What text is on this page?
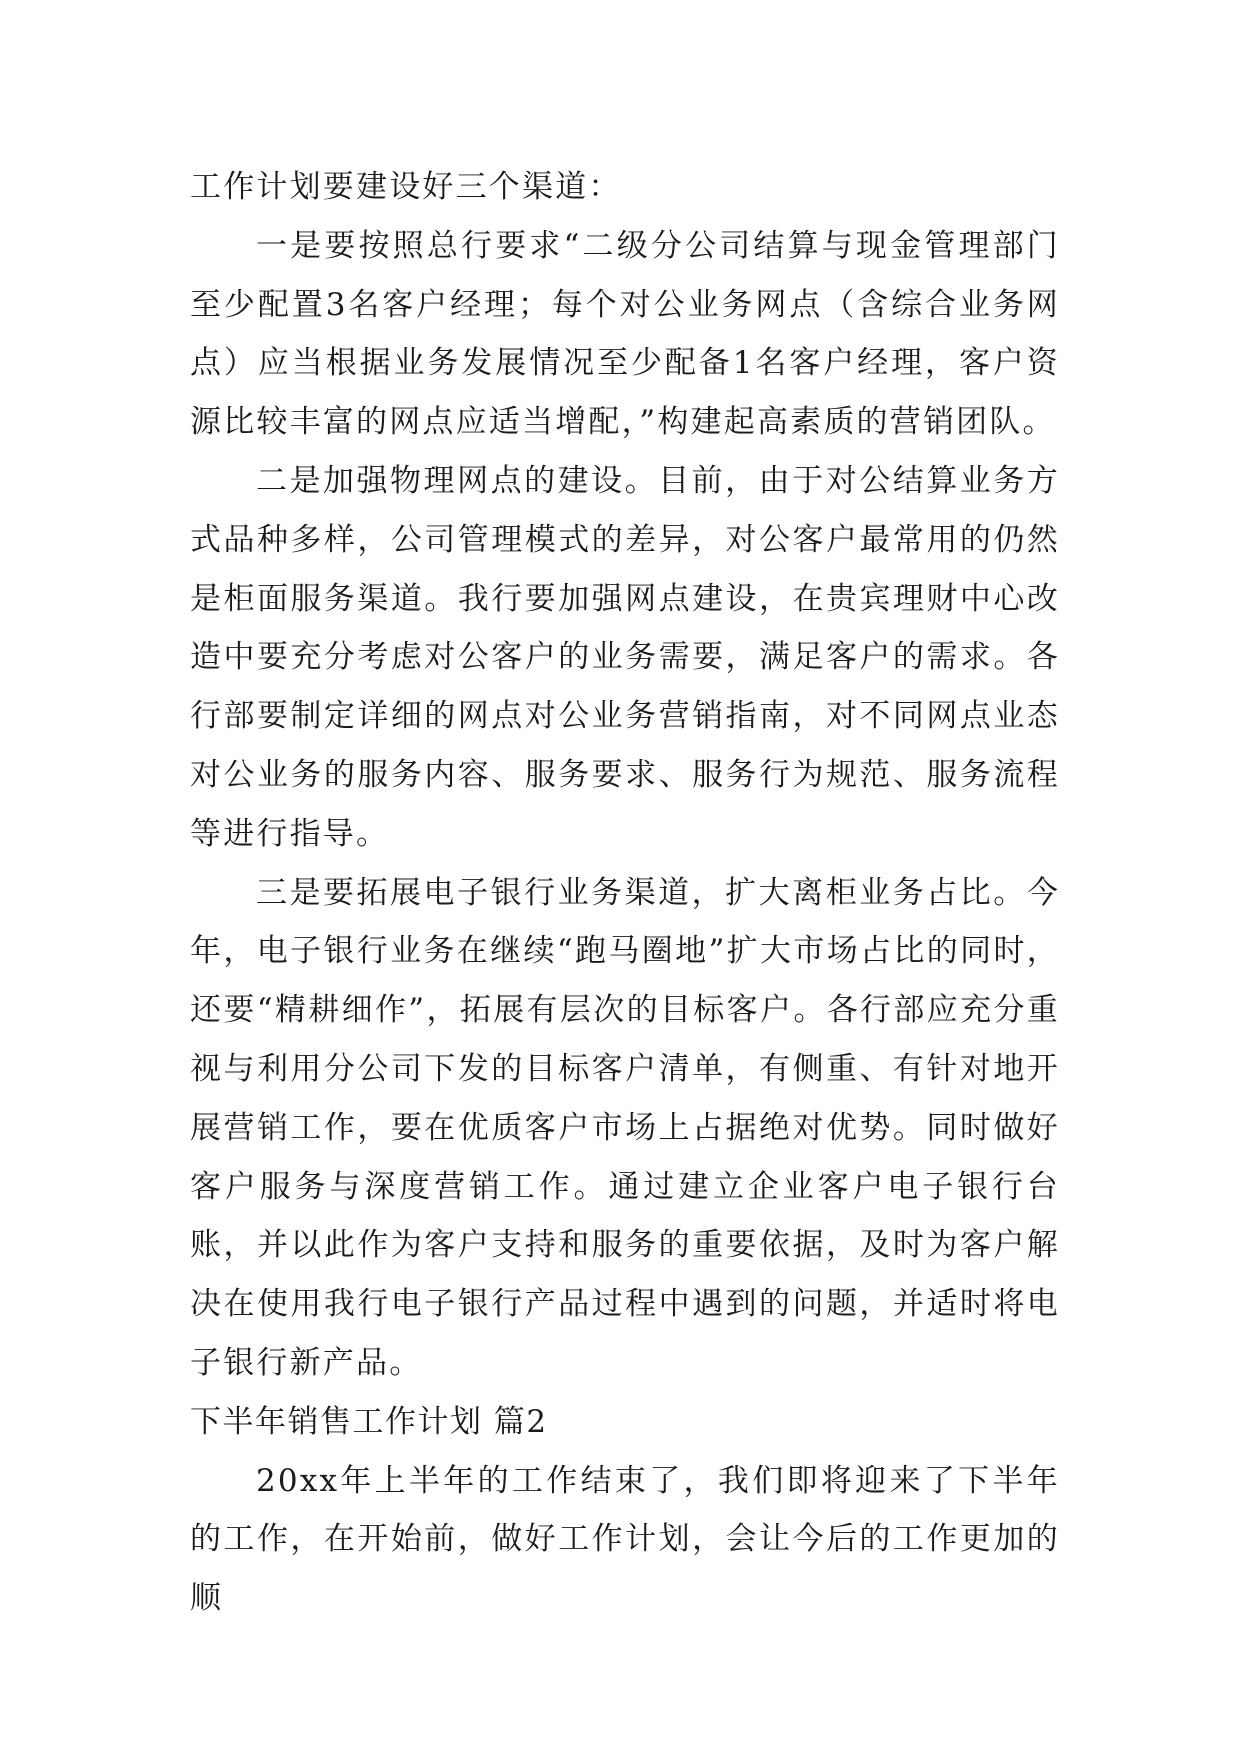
工作计划要建设好三个渠道：

一是要按照总行要求“二级分公司结算与现金管理部门至少配置3名客户经理；每个对公业务网点（含综合业务网点）应当根据业务发展情况至少配备1名客户经理，客户资源比较丰富的网点应适当增配，”构建起高素质的营销团队。

二是加强物理网点的建设。目前，由于对公结算业务方式品种多样，公司管理模式的差异，对公客户最常用的仍然是柜面服务渠道。我行要加强网点建设，在贵宾理财中心改造中要充分考虑对公客户的业务需要，满足客户的需求。各行部要制定详细的网点对公业务营销指南，对不同网点业态对公业务的服务内容、服务要求、服务行为规范、服务流程等进行指导。

三是要拓展电子银行业务渠道，扩大离柜业务占比。今年，电子银行业务在继续“跑马圈地”扩大市场占比的同时，还要“精耕细作”，拓展有层次的目标客户。各行部应充分重视与利用分公司下发的目标客户清单，有侧重、有针对地开展营销工作，要在优质客户市场上占据绝对优势。同时做好客户服务与深度营销工作。通过建立企业客户电子银行台账，并以此作为客户支持和服务的重要依据，及时为客户解决在使用我行电子银行产品过程中遇到的问题，并适时将电子银行新产品。

下半年销售工作计划 篇2

20xx年上半年的工作结束了，我们即将迎来了下半年的工作，在开始前，做好工作计划，会让今后的工作更加的顺
